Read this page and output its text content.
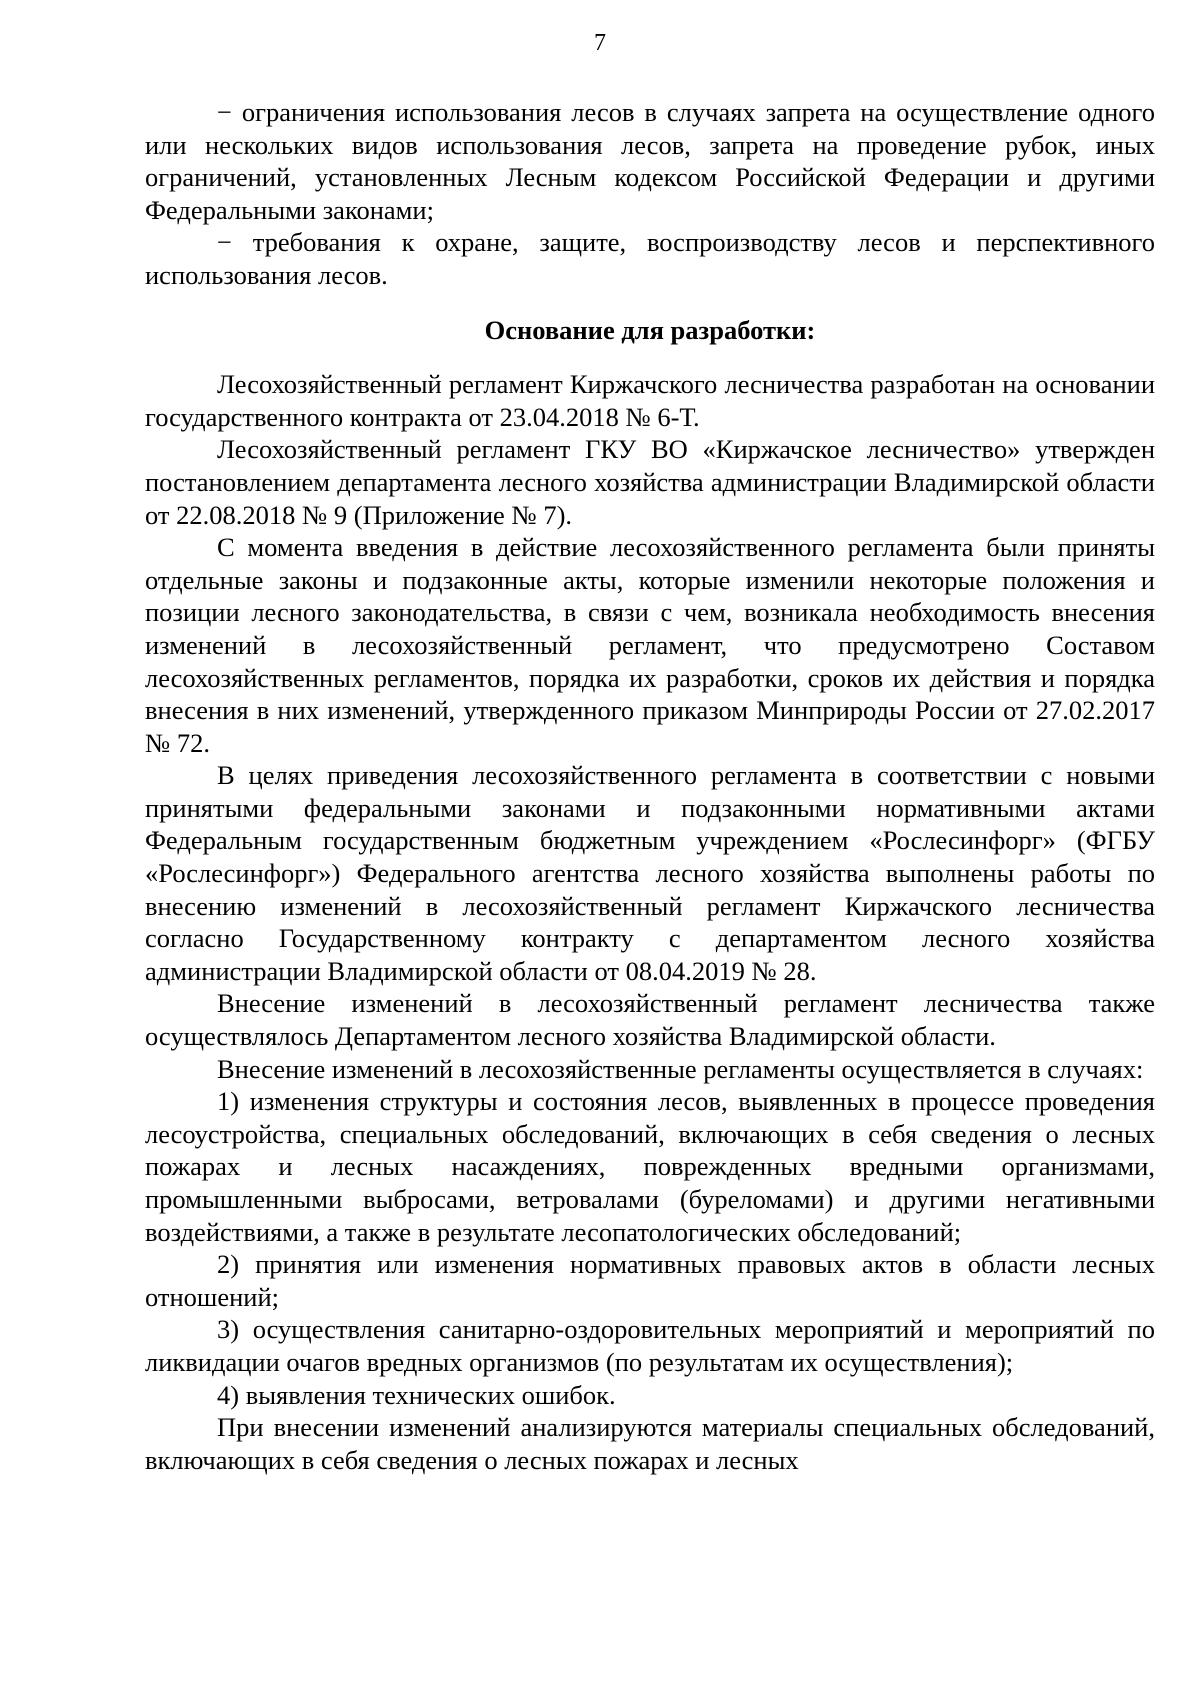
7

− ограничения использования лесов в случаях запрета на осуществление одного или нескольких видов использования лесов, запрета на проведение рубок, иных ограничений, установленных Лесным кодексом Российской Федерации и другими Федеральными законами;

− требования к охране, защите, воспроизводству лесов и перспективного использования лесов.

Основание для разработки:

Лесохозяйственный регламент Киржачского лесничества разработан на основании государственного контракта от 23.04.2018 № 6-Т.

Лесохозяйственный регламент ГКУ ВО «Киржачское лесничество» утвержден постановлением департамента лесного хозяйства администрации Владимирской области от 22.08.2018 № 9 (Приложение № 7).

С момента введения в действие лесохозяйственного регламента были приняты отдельные законы и подзаконные акты, которые изменили некоторые положения и позиции лесного законодательства, в связи с чем, возникала необходимость внесения изменений в лесохозяйственный регламент, что предусмотрено Составом лесохозяйственных регламентов, порядка их разработки, сроков их действия и порядка внесения в них изменений, утвержденного приказом Минприроды России от 27.02.2017 № 72.

В целях приведения лесохозяйственного регламента в соответствии с новыми принятыми федеральными законами и подзаконными нормативными актами Федеральным государственным бюджетным учреждением «Рослесинфорг» (ФГБУ «Рослесинфорг») Федерального агентства лесного хозяйства выполнены работы по внесению изменений в лесохозяйственный регламент Киржачского лесничества согласно Государственному контракту с департаментом лесного хозяйства администрации Владимирской области от 08.04.2019 № 28.

Внесение изменений в лесохозяйственный регламент лесничества также осуществлялось Департаментом лесного хозяйства Владимирской области.

Внесение изменений в лесохозяйственные регламенты осуществляется в случаях:

1) изменения структуры и состояния лесов, выявленных в процессе проведения лесоустройства, специальных обследований, включающих в себя сведения о лесных пожарах и лесных насаждениях, поврежденных вредными организмами, промышленными выбросами, ветровалами (буреломами) и другими негативными воздействиями, а также в результате лесопатологических обследований;

2) принятия или изменения нормативных правовых актов в области лесных отношений;

3) осуществления санитарно-оздоровительных мероприятий и мероприятий по ликвидации очагов вредных организмов (по результатам их осуществления);

4) выявления технических ошибок.

При внесении изменений анализируются материалы специальных обследований, включающих в себя сведения о лесных пожарах и лесных
